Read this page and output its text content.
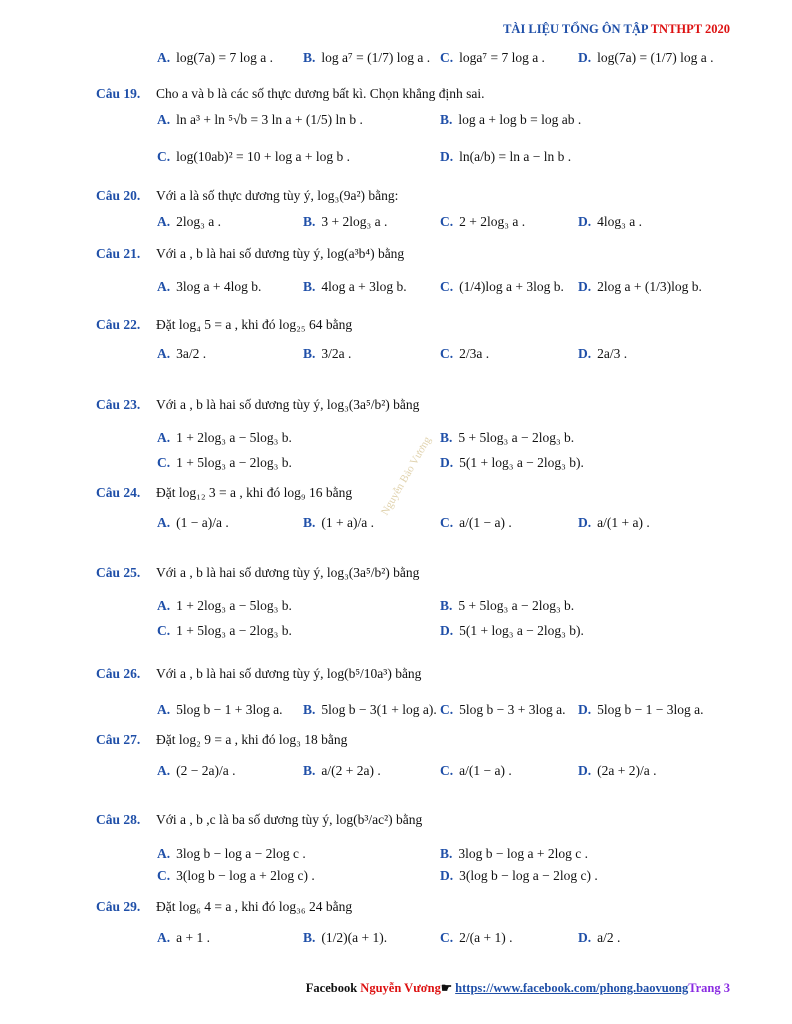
TÀI LIỆU TỔNG ÔN TẬP TNTHPT 2020
Nguyễn Bảo Vương
A. log(7a) = 7 log a . B. log a⁷ = (1/7) log a . C. loga⁷ = 7 log a . D. log(7a) = (1/7) log a .
Câu 19. Cho a và b là các số thực dương bất kì. Chọn khẳng định sai.
A. ln a³ + ln ⁵√b = 3 ln a + (1/5) ln b .	B. log a + log b = log ab .
C. log(10ab)² = 10 + log a + log b .	D. ln(a/b) = ln a − ln b .
Câu 20. Với a là số thực dương tùy ý, log₃(9a²) bằng:
A. 2log₃ a .	B. 3 + 2log₃ a .	C. 2 + 2log₃ a .	D. 4log₃ a .
Câu 21. Với a , b là hai số dương tùy ý, log(a³b⁴) bằng
A. 3log a + 4log b.	B. 4log a + 3log b. C. (1/4)log a + 3log b. D. 2log a + (1/3)log b.
Câu 22. Đặt log₄ 5 = a , khi đó log₂₅ 64 bằng
A. 3a/2 .	B. 3/2a .	C. 2/3a .	D. 2a/3 .
Câu 23. Với a , b là hai số dương tùy ý, log₃(3a⁵/b²) bằng
A. 1 + 2log₃ a − 5log₃ b.	B. 5 + 5log₃ a − 2log₃ b.
C. 1 + 5log₃ a − 2log₃ b.	D. 5(1 + log₃ a − 2log₃ b).
Câu 24. Đặt log₁₂ 3 = a , khi đó log₉ 16 bằng
A. (1 − a)/a .	B. (1 + a)/a .	C. a/(1 − a) .	D. a/(1 + a) .
Câu 25. Với a , b là hai số dương tùy ý, log₃(3a⁵/b²) bằng
A. 1 + 2log₃ a − 5log₃ b.	B. 5 + 5log₃ a − 2log₃ b.
C. 1 + 5log₃ a − 2log₃ b.	D. 5(1 + log₃ a − 2log₃ b).
Câu 26. Với a , b là hai số dương tùy ý, log(b⁵/10a³) bằng
A. 5log b − 1 + 3log a. B. 5log b − 3(1 + log a). C. 5log b − 3 + 3log a. D. 5log b − 1 − 3log a.
Câu 27. Đặt log₂ 9 = a , khi đó log₃ 18 bằng
A. (2 − 2a)/a .	B. a/(2 + 2a) .	C. a/(1 − a) .	D. (2a + 2)/a .
Câu 28. Với a , b ,c là ba số dương tùy ý, log(b³/ac²) bằng
A. 3log b − log a − 2log c .	B. 3log b − log a + 2log c .
C. 3(log b − log a + 2log c) .	D. 3(log b − log a − 2log c) .
Câu 29. Đặt log₆ 4 = a , khi đó log₃₆ 24 bằng
A. a + 1 .	B. (1/2)(a + 1).	C. 2/(a + 1) .	D. a/2 .
Facebook Nguyễn Vương☛ https://www.facebook.com/phong.baovuongTrang 3
